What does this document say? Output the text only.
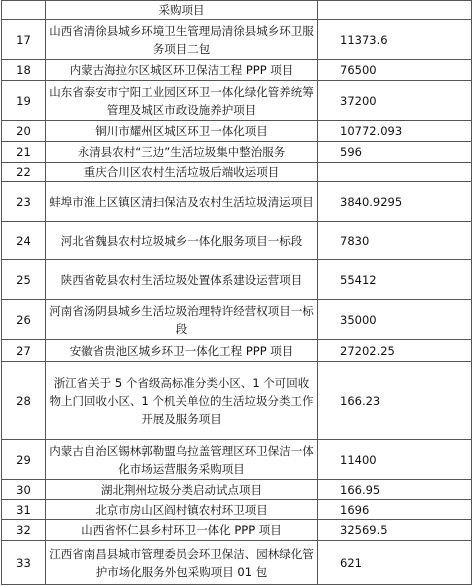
	采购项目	
17	山西省清徐县城乡环境卫生管理局清徐县城乡环卫服务项目二包	11373.6
18	内蒙古海拉尔区城区环卫保洁工程 PPP 项目	76500
19	山东省泰安市宁阳工业园区环卫一体化绿化管养统筹管理及城区市政设施养护项目	37200
20	铜川市耀州区城区环卫一体化项目	10772.093
21	永清县农村“三边”生活垃圾集中整治服务	596
22	重庆合川区农村生活垃圾后端收运项目	
23	蚌埠市淮上区镇区清扫保洁及农村生活垃圾清运项目	3840.9295
24	河北省魏县农村垃圾城乡一体化服务项目一标段	7830
25	陕西省乾县农村生活垃圾处置体系建设运营项目	55412
26	河南省汤阴县城乡生活垃圾治理特许经营权项目一标段	35000
27	安徽省贵池区城乡环卫一体化工程 PPP 项目	27202.25
28	浙江省关于 5 个省级高标准分类小区、1 个可回收物上门回收小区、1 个机关单位的生活垃圾分类工作开展及服务项目	166.23
29	内蒙古自治区锡林郭勒盟乌拉盖管理区环卫保洁一体化市场运营服务采购项目	11400
30	湖北荆州垃圾分类启动试点项目	166.95
31	北京市房山区阎村镇农村环卫项目	1696
32	山西省怀仁县乡村环卫一体化 PPP 项目	32569.5
33	江西省南昌县城市管理委员会环卫保洁、园林绿化管护市场化服务外包采购项目 01 包	621
